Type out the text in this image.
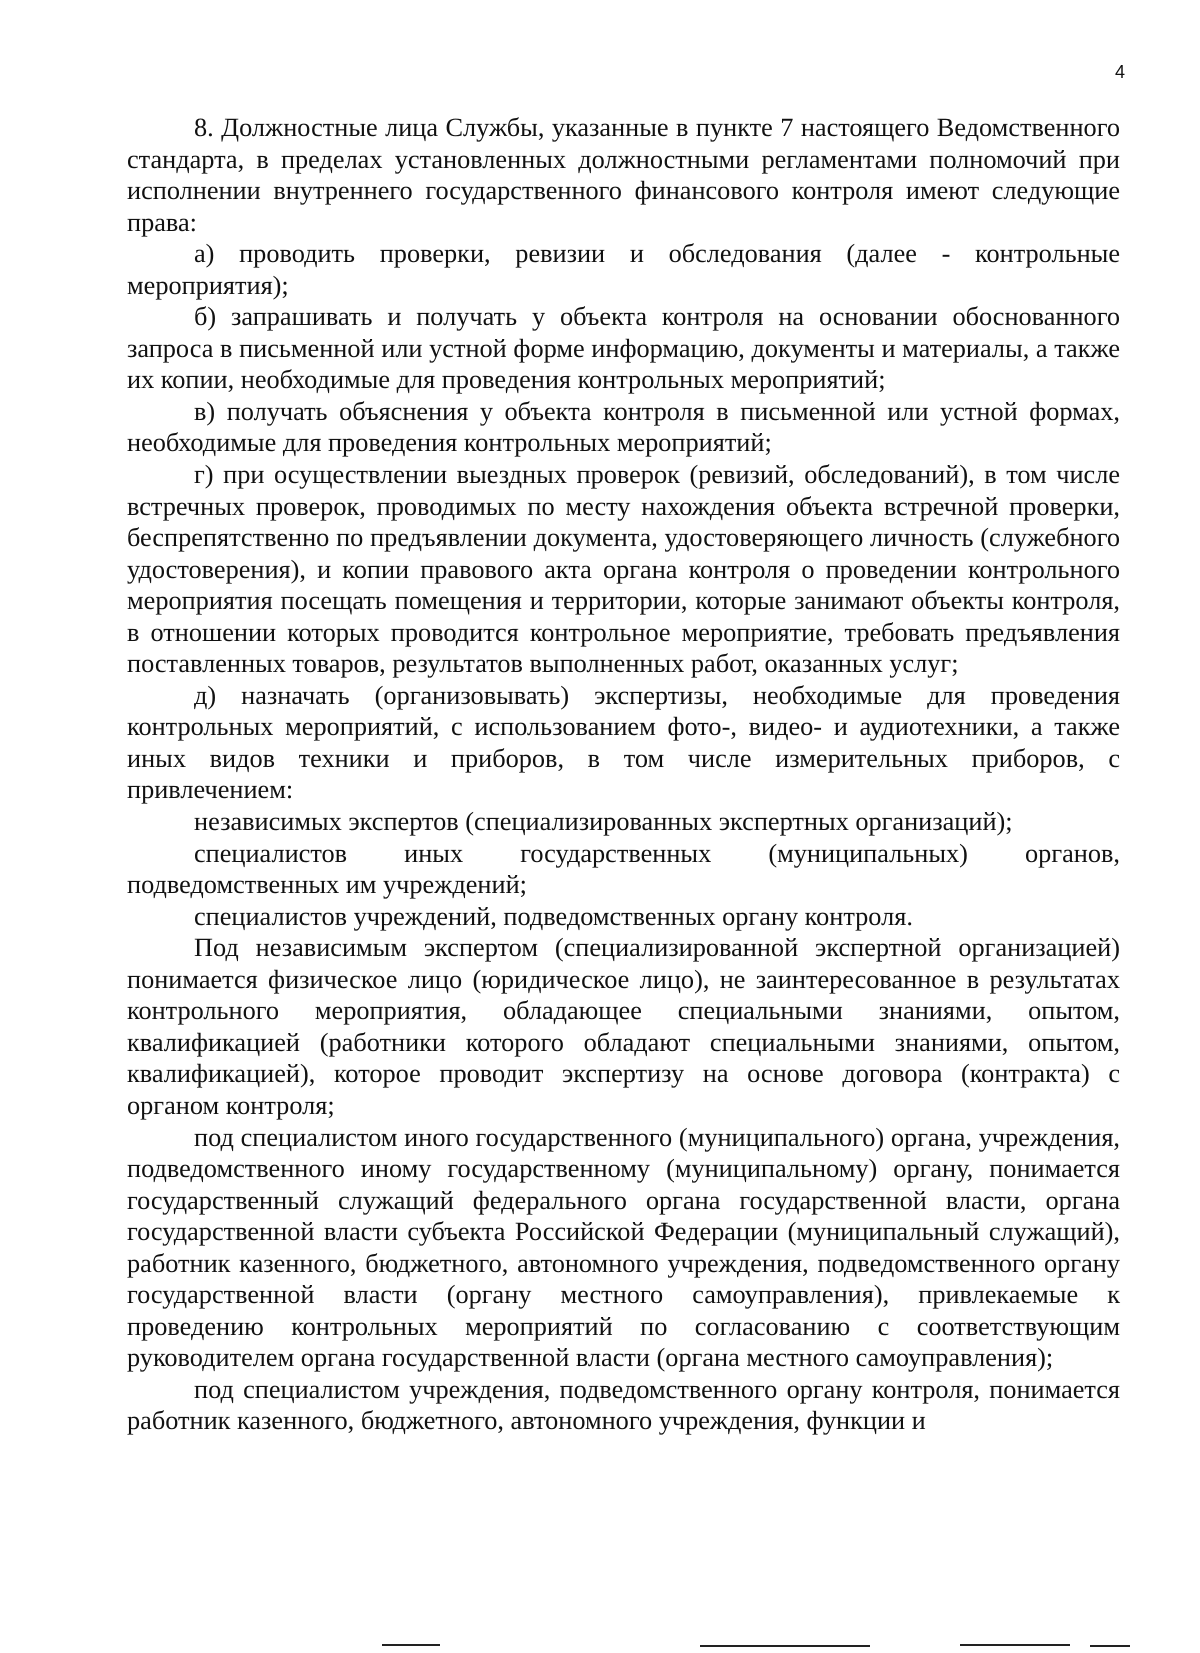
4

8. Должностные лица Службы, указанные в пункте 7 настоящего Ведомственного стандарта, в пределах установленных должностными регламентами полномочий при исполнении внутреннего государственного финансового контроля имеют следующие права:

а) проводить проверки, ревизии и обследования (далее - контрольные мероприятия);

б) запрашивать и получать у объекта контроля на основании обоснованного запроса в письменной или устной форме информацию, документы и материалы, а также их копии, необходимые для проведения контрольных мероприятий;

в) получать объяснения у объекта контроля в письменной или устной формах, необходимые для проведения контрольных мероприятий;

г) при осуществлении выездных проверок (ревизий, обследований), в том числе встречных проверок, проводимых по месту нахождения объекта встречной проверки, беспрепятственно по предъявлении документа, удостоверяющего личность (служебного удостоверения), и копии правового акта органа контроля о проведении контрольного мероприятия посещать помещения и территории, которые занимают объекты контроля, в отношении которых проводится контрольное мероприятие, требовать предъявления поставленных товаров, результатов выполненных работ, оказанных услуг;

д) назначать (организовывать) экспертизы, необходимые для проведения контрольных мероприятий, с использованием фото-, видео- и аудиотехники, а также иных видов техники и приборов, в том числе измерительных приборов, с привлечением:

независимых экспертов (специализированных экспертных организаций);

специалистов иных государственных (муниципальных) органов, подведомственных им учреждений;

специалистов учреждений, подведомственных органу контроля.

Под независимым экспертом (специализированной экспертной организацией) понимается физическое лицо (юридическое лицо), не заинтересованное в результатах контрольного мероприятия, обладающее специальными знаниями, опытом, квалификацией (работники которого обладают специальными знаниями, опытом, квалификацией), которое проводит экспертизу на основе договора (контракта) с органом контроля;

под специалистом иного государственного (муниципального) органа, учреждения, подведомственного иному государственному (муниципальному) органу, понимается государственный служащий федерального органа государственной власти, органа государственной власти субъекта Российской Федерации (муниципальный служащий), работник казенного, бюджетного, автономного учреждения, подведомственного органу государственной власти (органу местного самоуправления), привлекаемые к проведению контрольных мероприятий по согласованию с соответствующим руководителем органа государственной власти (органа местного самоуправления);

под специалистом учреждения, подведомственного органу контроля, понимается работник казенного, бюджетного, автономного учреждения, функции и
